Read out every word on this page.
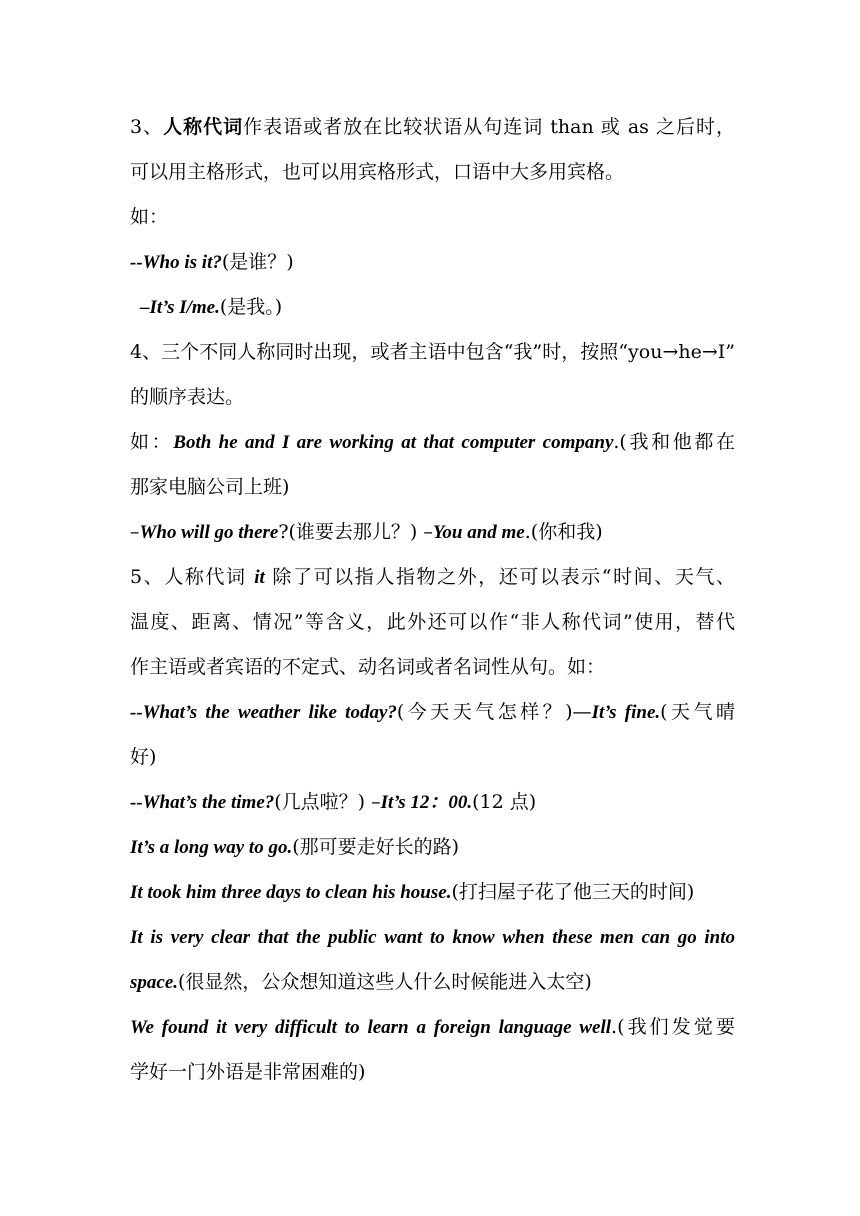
3、人称代词作表语或者放在比较状语从句连词 than 或 as 之后时，
可以用主格形式，也可以用宾格形式，口语中大多用宾格。
如：
--Who is it?(是谁？)
–It’s I/me.(是我。)
4、三个不同人称同时出现，或者主语中包含“我”时，按照“you→he→I”
的顺序表达。
如：Both he and I are working at that computer company.(我和他都在
那家电脑公司上班)
–Who will go there?(谁要去那儿？) –You and me.(你和我)
5、人称代词 it 除了可以指人指物之外，还可以表示“时间、天气、
温度、距离、情况”等含义，此外还可以作“非人称代词”使用，替代
作主语或者宾语的不定式、动名词或者名词性从句。如：
--What’s the weather like today?(今天天气怎样？)—It’s fine.(天气晴
好)
--What’s the time?(几点啦？) –It’s 12：00.(12 点)
It’s a long way to go.(那可要走好长的路)
It took him three days to clean his house.(打扫屋子花了他三天的时间)
It is very clear that the public want to know when these men can go into
space.(很显然，公众想知道这些人什么时候能进入太空)
We found it very difficult to learn a foreign language well.(我们发觉要
学好一门外语是非常困难的)
